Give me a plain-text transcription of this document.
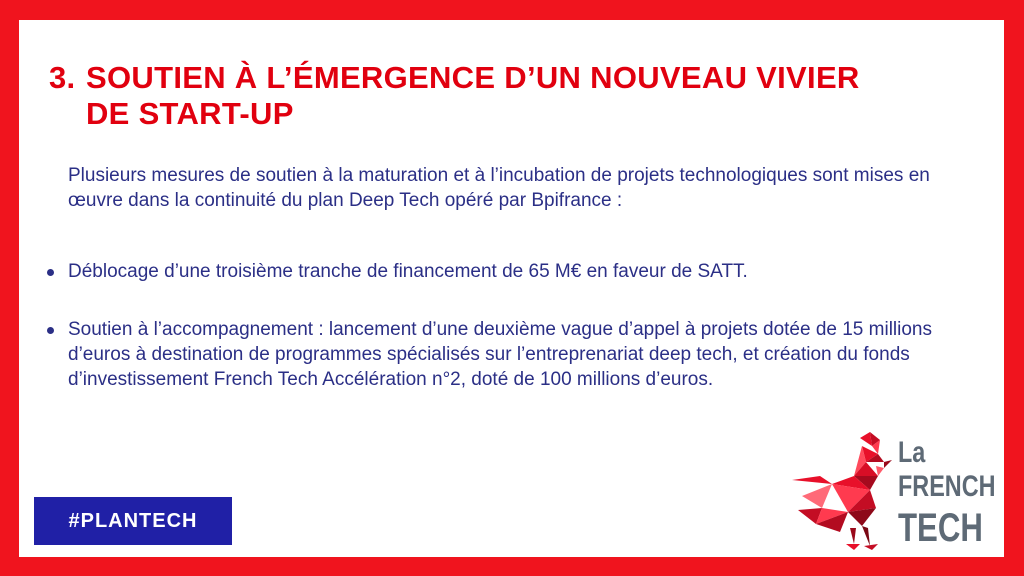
3. SOUTIEN À L’ÉMERGENCE D’UN NOUVEAU VIVIER
DE START-UP

Plusieurs mesures de soutien à la maturation et à l’incubation de projets technologiques sont mises en œuvre dans la continuité du plan Deep Tech opéré par Bpifrance :

Déblocage d’une troisième tranche de financement de 65 M€ en faveur de SATT.
Soutien à l’accompagnement : lancement d’une deuxième vague d’appel à projets dotée de 15 millions d’euros à destination de programmes spécialisés sur l’entreprenariat deep tech, et création du fonds d’investissement French Tech Accélération n°2, doté de 100 millions d’euros.
#PLANTECH
La
FRENCH
TECH
